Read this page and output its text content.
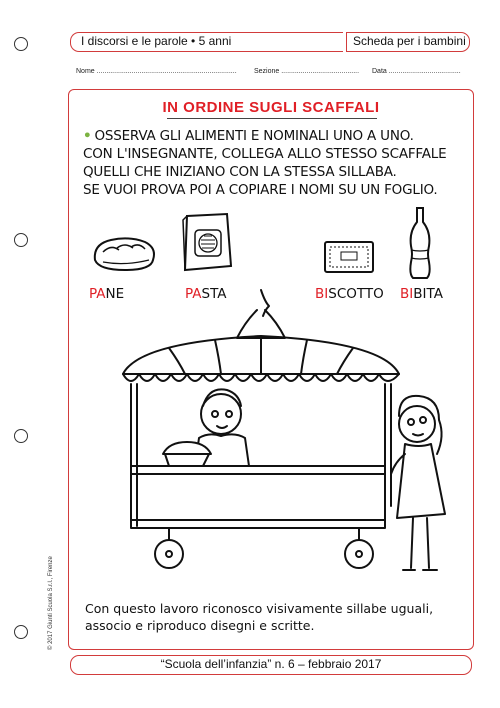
I discorsi e le parole • 5 anni	Scheda per i bambini
Nome ........................................................................ Sezione ........................................ Data .....................................
© 2017 Giunti Scuola S.r.l., Firenze
IN ORDINE SUGLI SCAFFALI

• OSSERVA GLI ALIMENTI E NOMINALI UNO A UNO.

CON L'INSEGNANTE, COLLEGA ALLO STESSO SCAFFALE

QUELLI CHE INIZIANO CON LA STESSA SILLABA.

SE VUOI PROVA POI A COPIARE I NOMI SU UN FOGLIO.

PANE	PASTA	BISCOTTO BIBITA
Con questo lavoro riconosco visivamente sillabe uguali,
associo e riproduco disegni e scritte.
“Scuola dell’infanzia” n. 6 – febbraio 2017
